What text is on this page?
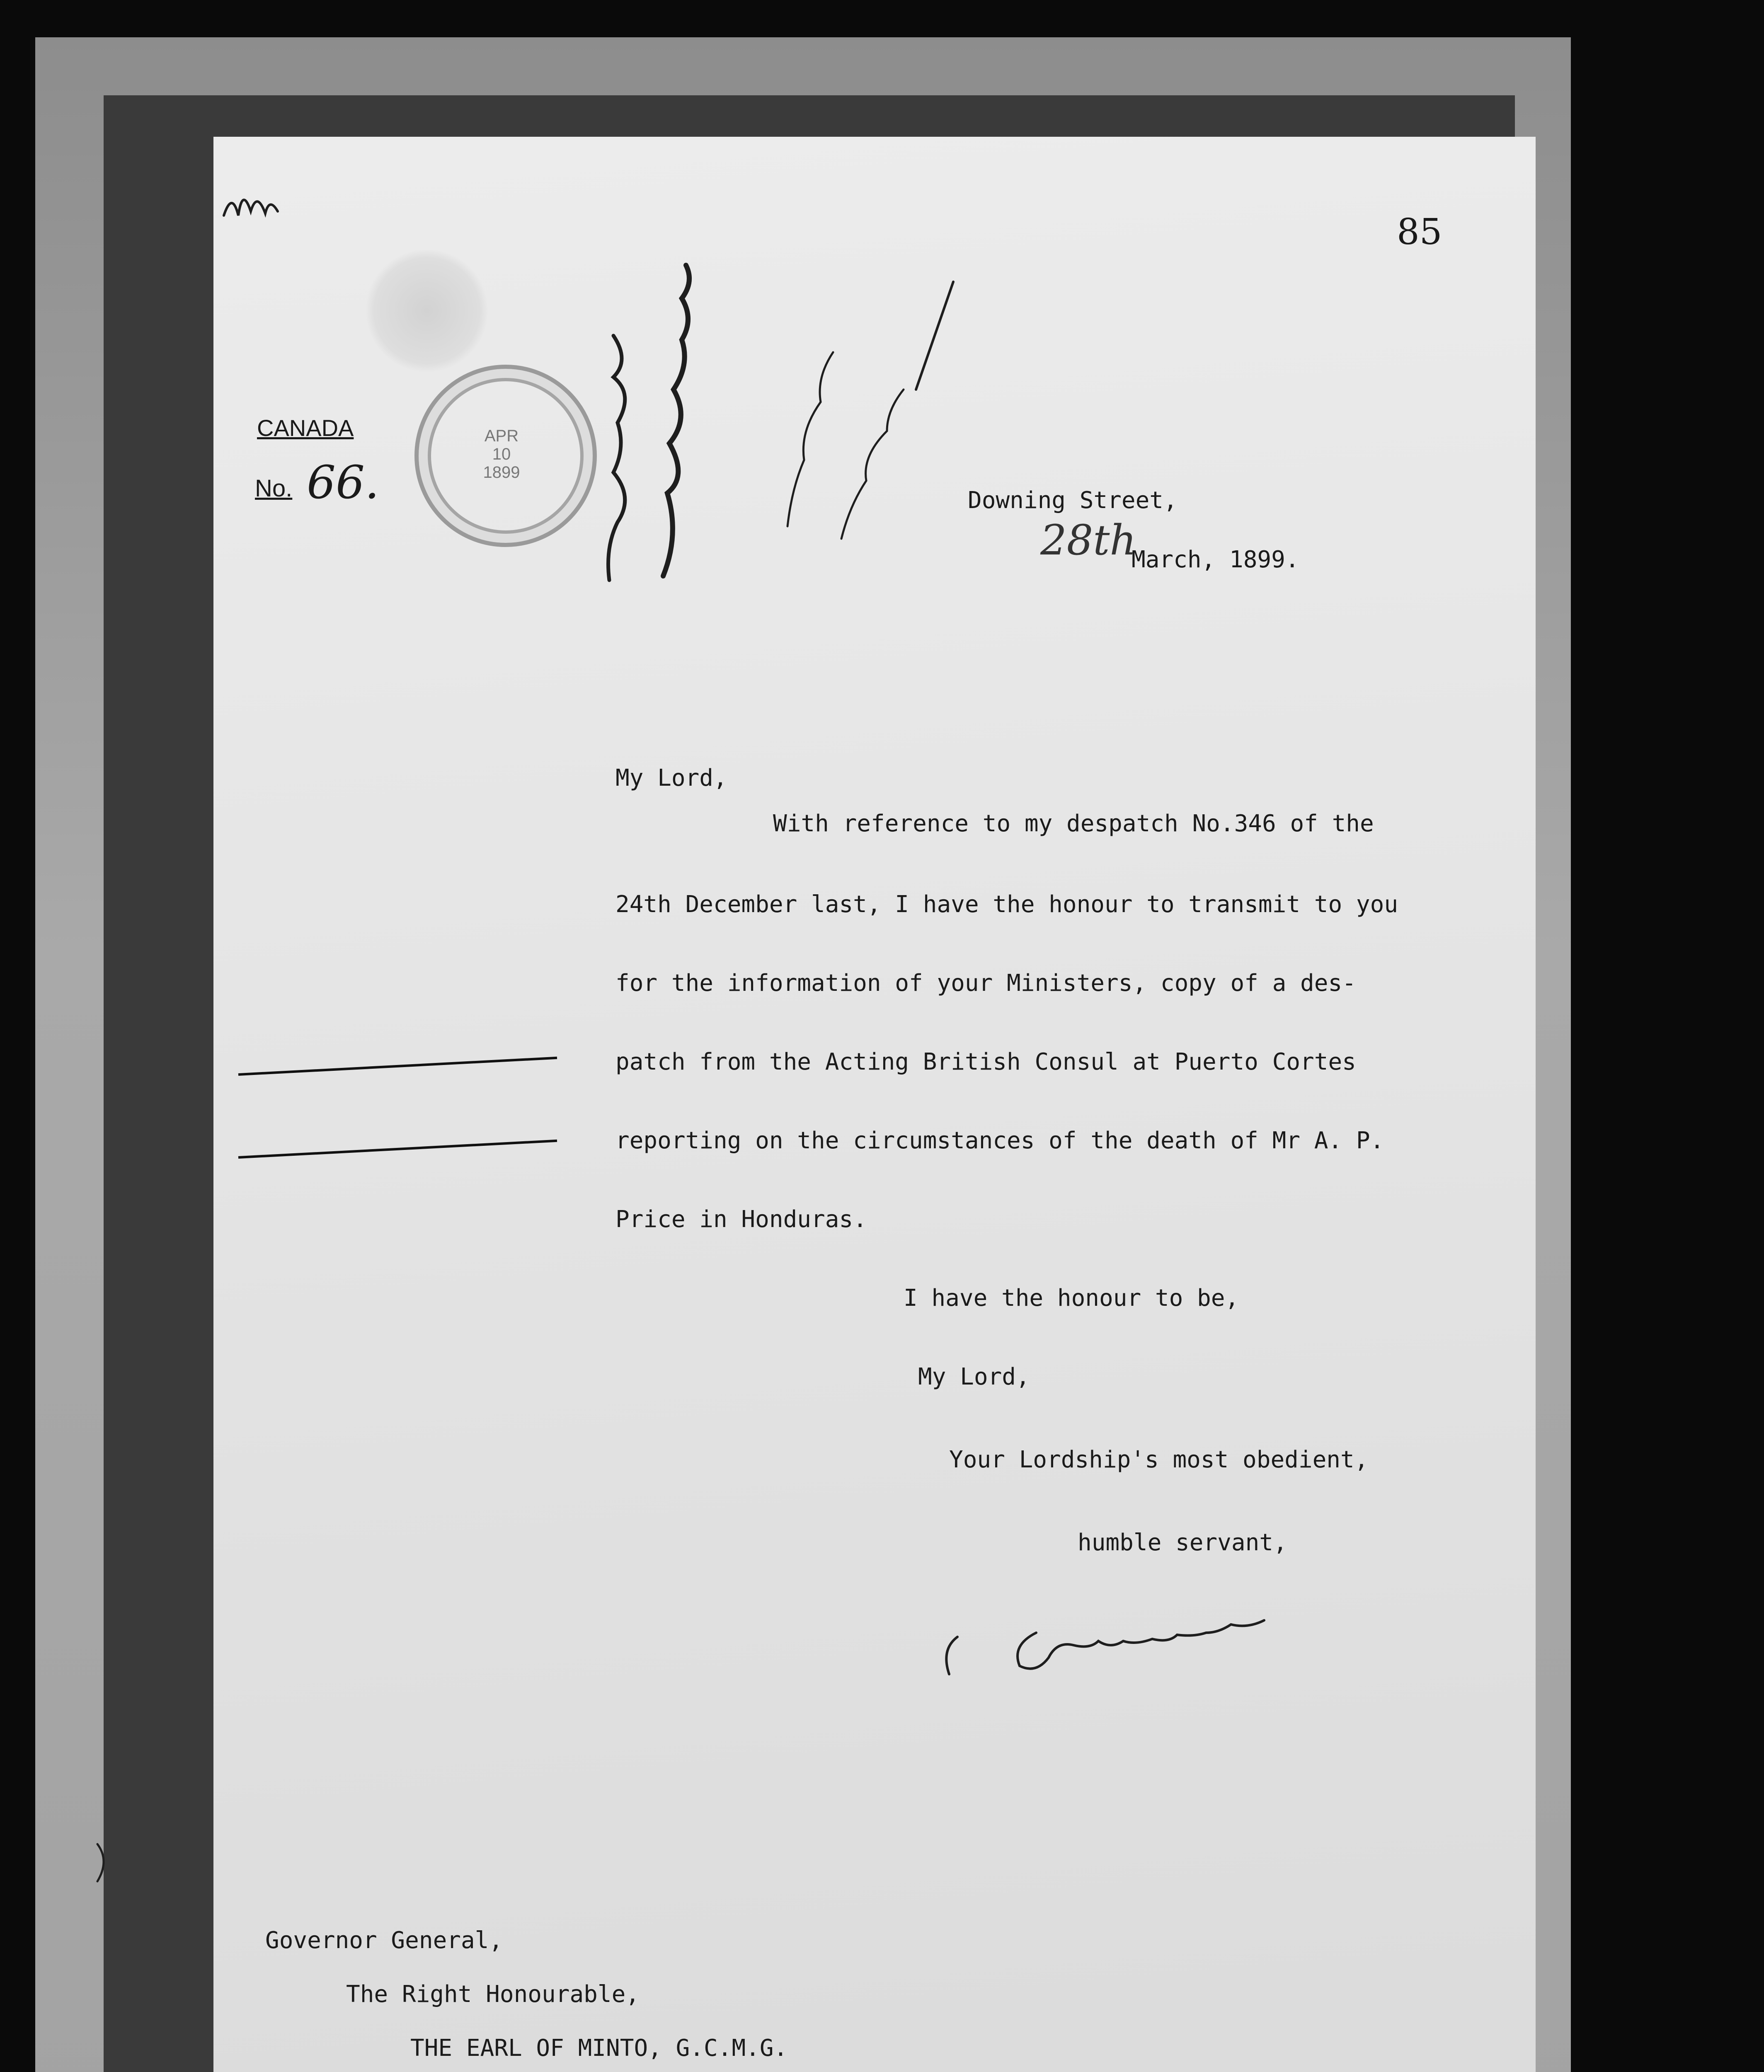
APR
10
1899
85
CANADA
No. 66.	Downing Street,
28th
March, 1899.
My Lord,
With reference to my despatch No.346 of the
24th December last, I have the honour to transmit to you
for the information of your Ministers, copy of a des-
patch from the Acting British Consul at Puerto Cortes
reporting on the circumstances of the death of Mr A. P.
Price in Honduras.
I have the honour to be,
My Lord,
Your Lordship's most obedient,
humble servant,
Governor General,
The Right Honourable,
THE EARL OF MINTO, G.C.M.G.
